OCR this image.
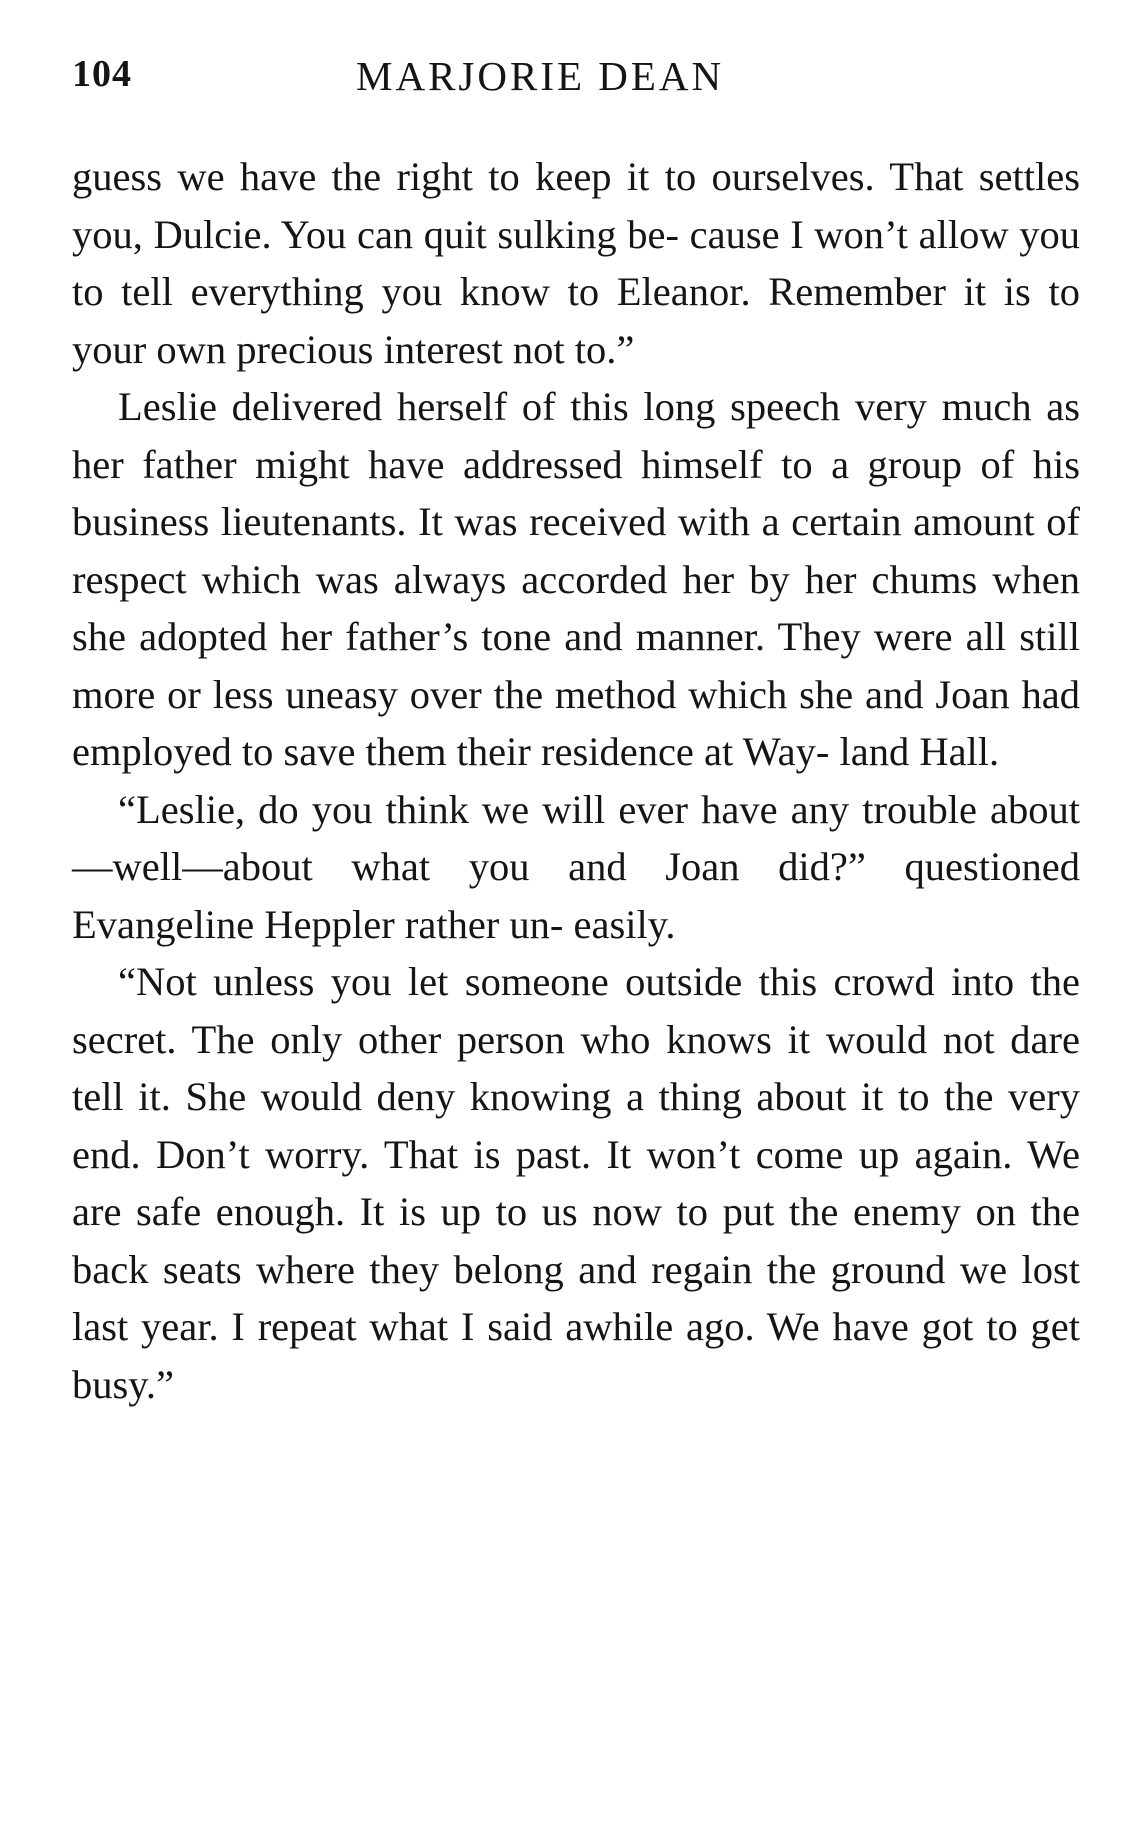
104	MARJORIE DEAN

guess we have the right to keep it to ourselves. That settles you, Dulcie. You can quit sulking be- cause I won’t allow you to tell everything you know to Eleanor. Remember it is to your own precious interest not to.”

Leslie delivered herself of this long speech very much as her father might have addressed himself to a group of his business lieutenants. It was received with a certain amount of respect which was always accorded her by her chums when she adopted her father’s tone and manner. They were all still more or less uneasy over the method which she and Joan had employed to save them their residence at Way- land Hall.

“Leslie, do you think we will ever have any trouble about—well—about what you and Joan did?” questioned Evangeline Heppler rather un- easily.

“Not unless you let someone outside this crowd into the secret. The only other person who knows it would not dare tell it. She would deny knowing a thing about it to the very end. Don’t worry. That is past. It won’t come up again. We are safe enough. It is up to us now to put the enemy on the back seats where they belong and regain the ground we lost last year. I repeat what I said awhile ago. We have got to get busy.”
